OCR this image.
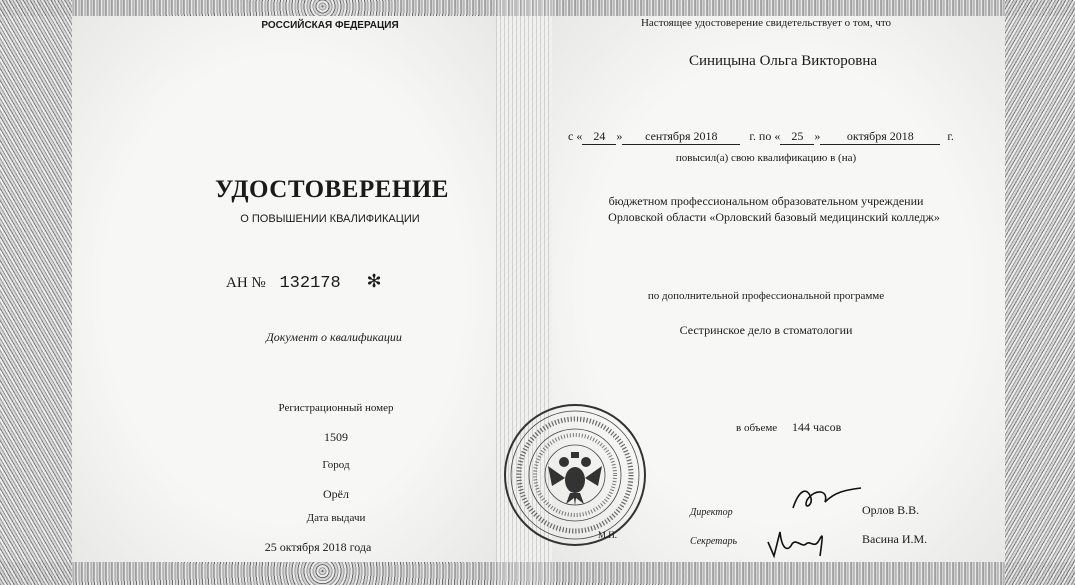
РОССИЙСКАЯ ФЕДЕРАЦИЯ
УДОСТОВЕРЕНИЕ
О ПОВЫШЕНИИ КВАЛИФИКАЦИИ
АН № 132178 ✻
Документ о квалификации
Регистрационный номер
1509
Город
Орёл
Дата выдачи
25 октября 2018 года
Настоящее удостоверение свидетельствует о том, что
Синицына Ольга Викторовна
с « 24 » сентября 2018	г. по « 25 » октября 2018	г.
повысил(а) свою квалификацию в (на)
бюджетном профессиональном образовательном учреждении
Орловской области «Орловский базовый медицинский колледж»
по дополнительной профессиональной программе
Сестринское дело в стоматологии
в объеме 144 часов
Директор	Орлов В.В.
Секретарь	Васина И.М.
М.П.
